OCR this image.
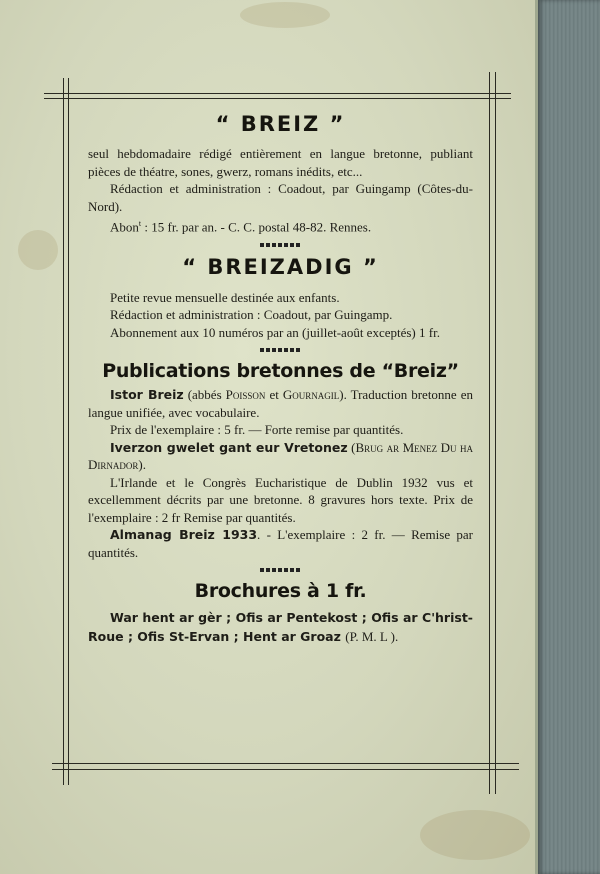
“ BREIZ ”

seul hebdomadaire rédigé entièrement en langue bretonne, publiant pièces de théatre, sones, gwerz, romans inédits, etc...

Rédaction et administration : Coadout, par Guingamp (Côtes-du-Nord).

Abon$^t$ : 15 fr. par an. - C. C. postal 48-82. Rennes.

“ BREIZADIG ”

Petite revue mensuelle destinée aux enfants.

Rédaction et administration : Coadout, par Guingamp.

Abonnement aux 10 numéros par an (juillet-août exceptés) 1 fr.

Publications bretonnes de “Breiz”

Istor Breiz (abbés Poisson et Gournagil). Traduction bretonne en langue unifiée, avec vocabulaire.

Prix de l'exemplaire : 5 fr. — Forte remise par quantités.

Iverzon gwelet gant eur Vretonez (Brug ar Menez Du ha Dirnador).

L'Irlande et le Congrès Eucharistique de Dublin 1932 vus et excellemment décrits par une bretonne. 8 gravures hors texte. Prix de l'exemplaire : 2 fr Remise par quantités.

Almanag Breiz 1933. - L'exemplaire : 2 fr. — Remise par quantités.

Brochures à 1 fr.

War hent ar gèr ; Ofis ar Pentekost ; Ofis ar C'hrist-Roue ; Ofis St-Ervan ; Hent ar Groaz (P. M. L ).
